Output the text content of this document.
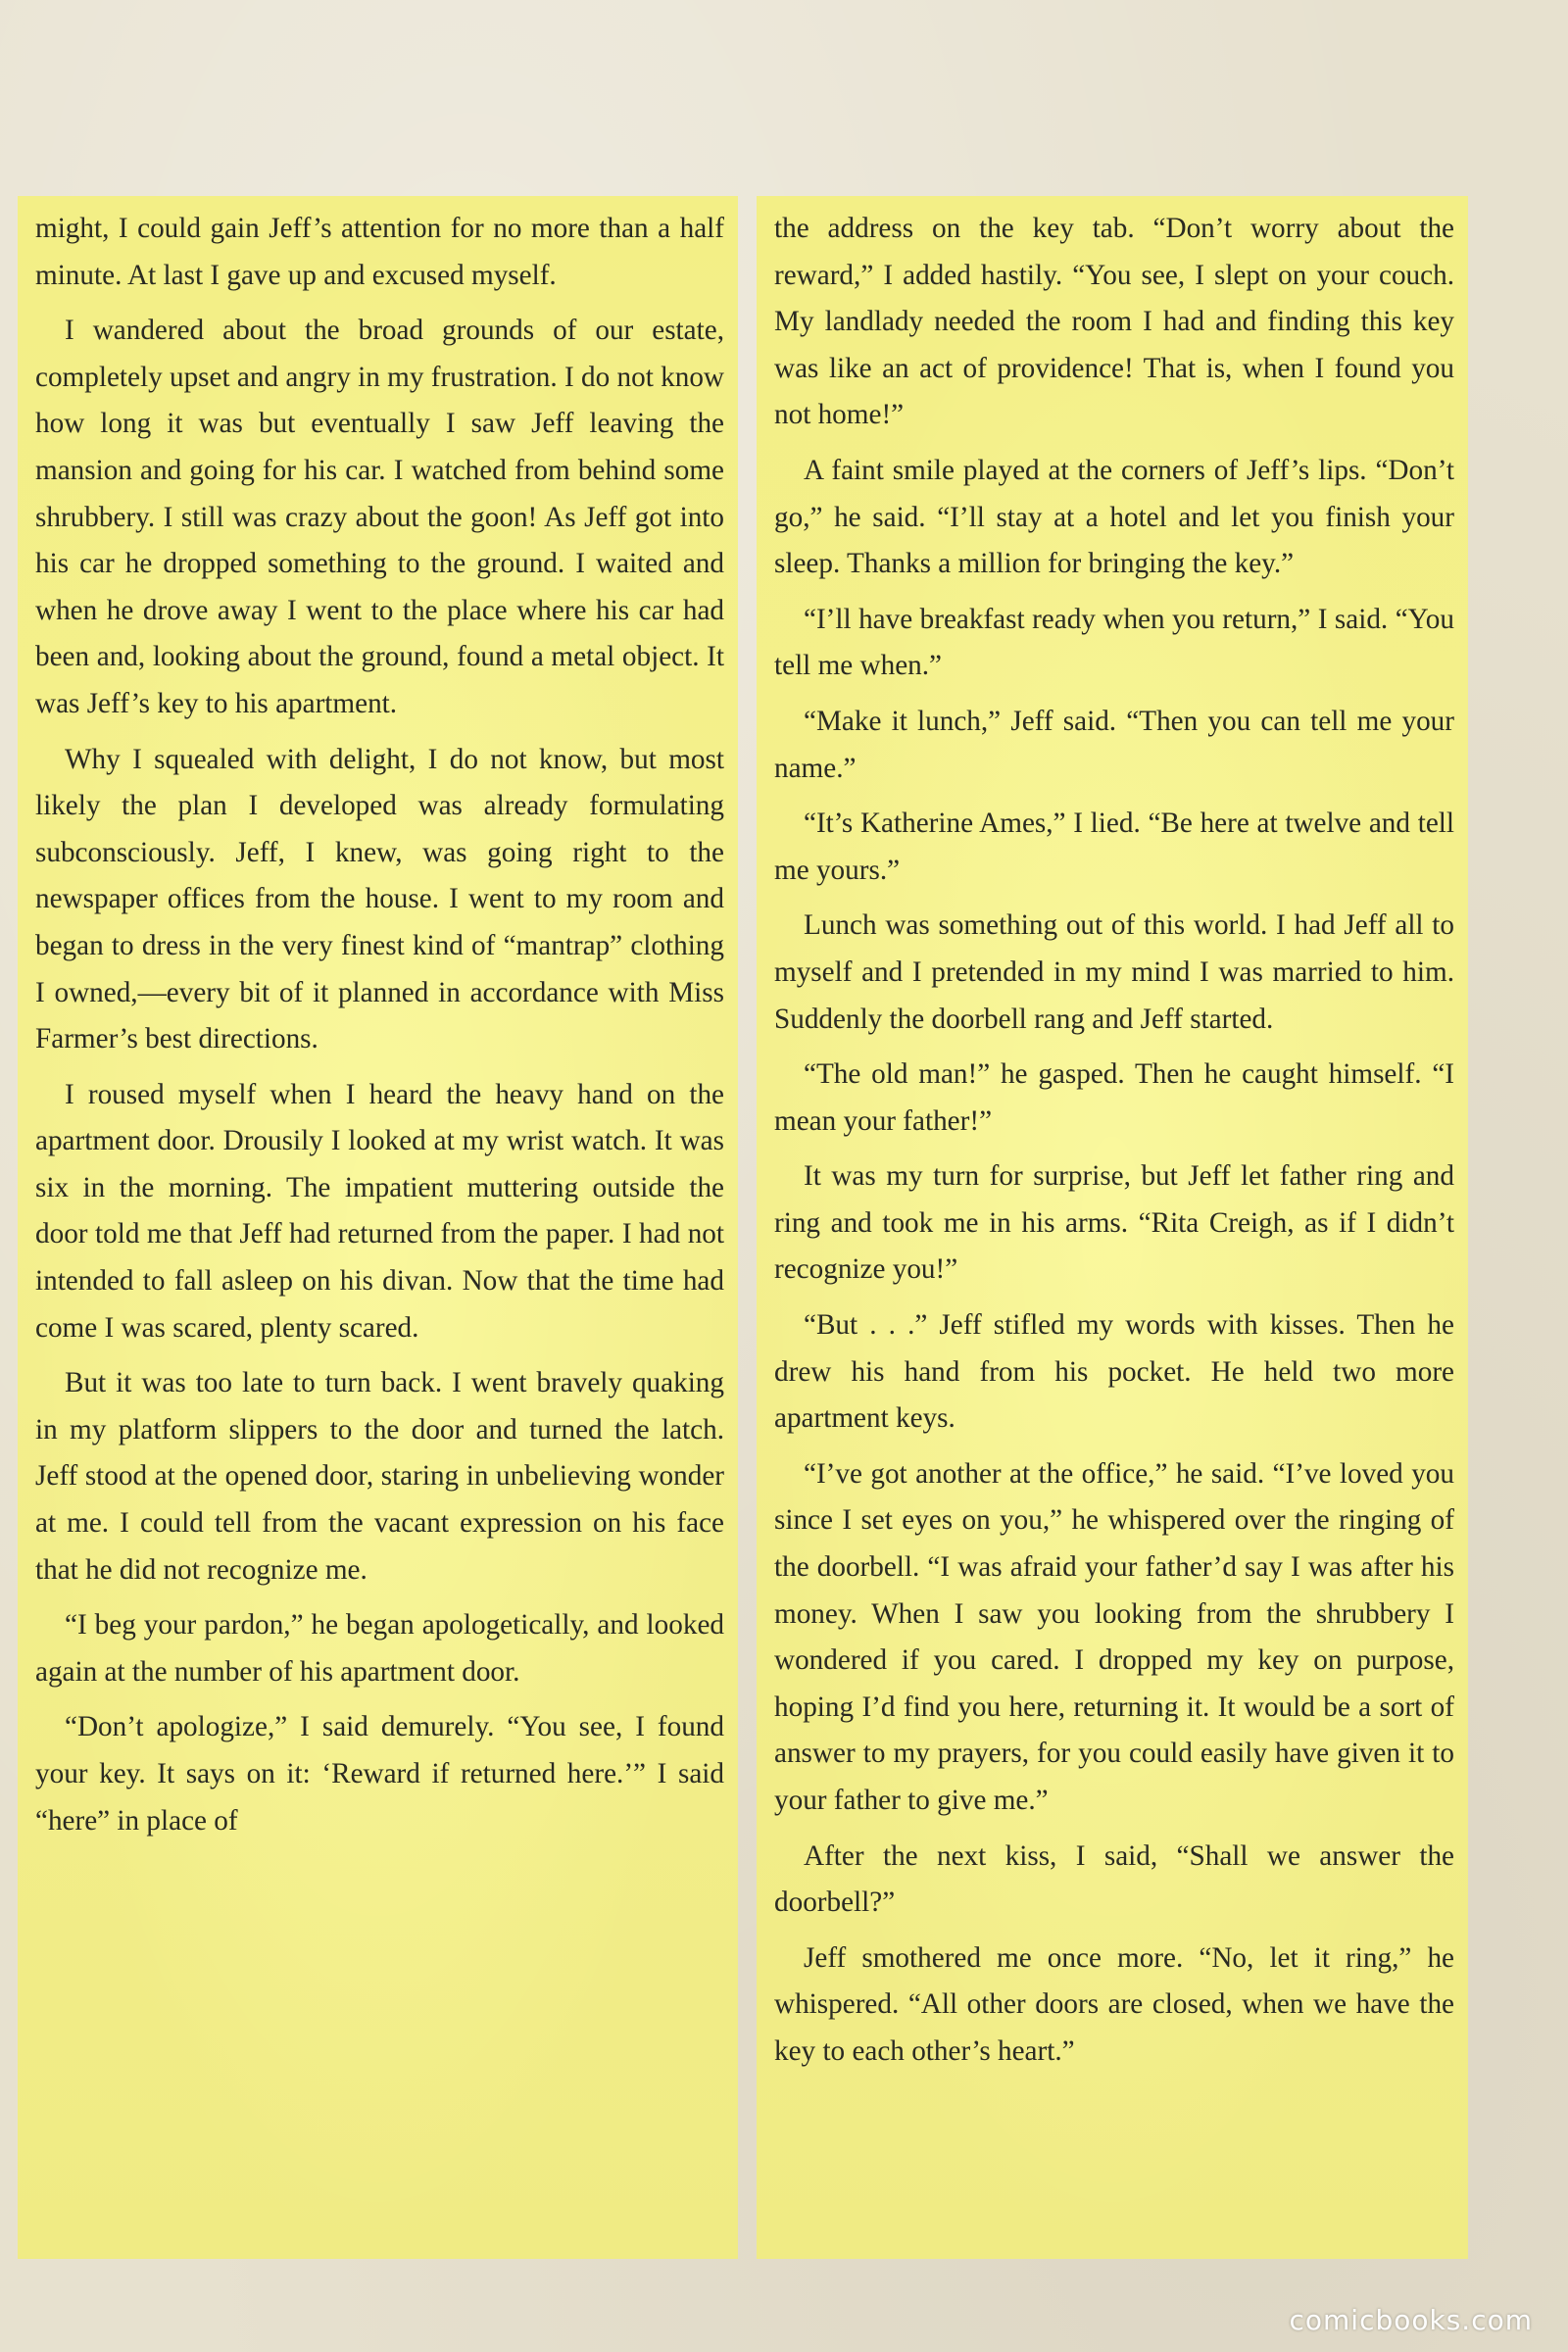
might, I could gain Jeff’s attention for no more than a half minute. At last I gave up and excused myself.

I wandered about the broad grounds of our estate, completely upset and angry in my frustration. I do not know how long it was but eventually I saw Jeff leaving the mansion and going for his car. I watched from behind some shrubbery. I still was crazy about the goon! As Jeff got into his car he dropped something to the ground. I waited and when he drove away I went to the place where his car had been and, looking about the ground, found a metal object. It was Jeff’s key to his apartment.

Why I squealed with delight, I do not know, but most likely the plan I developed was already formulating subconsciously. Jeff, I knew, was going right to the newspaper offices from the house. I went to my room and began to dress in the very finest kind of “mantrap” clothing I owned,—every bit of it planned in accordance with Miss Farmer’s best directions.

I roused myself when I heard the heavy hand on the apartment door. Drousily I looked at my wrist watch. It was six in the morning. The impatient muttering outside the door told me that Jeff had returned from the paper. I had not intended to fall asleep on his divan. Now that the time had come I was scared, plenty scared.

But it was too late to turn back. I went bravely quaking in my platform slippers to the door and turned the latch. Jeff stood at the opened door, staring in unbelieving wonder at me. I could tell from the vacant expression on his face that he did not recognize me.

“I beg your pardon,” he began apologetically, and looked again at the number of his apartment door.

“Don’t apologize,” I said demurely. “You see, I found your key. It says on it: ‘Reward if returned here.’” I said “here” in place of

the address on the key tab. “Don’t worry about the reward,” I added hastily. “You see, I slept on your couch. My landlady needed the room I had and finding this key was like an act of providence! That is, when I found you not home!”

A faint smile played at the corners of Jeff’s lips. “Don’t go,” he said. “I’ll stay at a hotel and let you finish your sleep. Thanks a million for bringing the key.”

“I’ll have breakfast ready when you return,” I said. “You tell me when.”

“Make it lunch,” Jeff said. “Then you can tell me your name.”

“It’s Katherine Ames,” I lied. “Be here at twelve and tell me yours.”

Lunch was something out of this world. I had Jeff all to myself and I pretended in my mind I was married to him. Suddenly the doorbell rang and Jeff started.

“The old man!” he gasped. Then he caught himself. “I mean your father!”

It was my turn for surprise, but Jeff let father ring and ring and took me in his arms. “Rita Creigh, as if I didn’t recognize you!”

“But . . .” Jeff stifled my words with kisses. Then he drew his hand from his pocket. He held two more apartment keys.

“I’ve got another at the office,” he said. “I’ve loved you since I set eyes on you,” he whispered over the ringing of the doorbell. “I was afraid your father’d say I was after his money. When I saw you looking from the shrubbery I wondered if you cared. I dropped my key on purpose, hoping I’d find you here, returning it. It would be a sort of answer to my prayers, for you could easily have given it to your father to give me.”

After the next kiss, I said, “Shall we answer the doorbell?”

Jeff smothered me once more. “No, let it ring,” he whispered. “All other doors are closed, when we have the key to each other’s heart.”

comicbooks.com
